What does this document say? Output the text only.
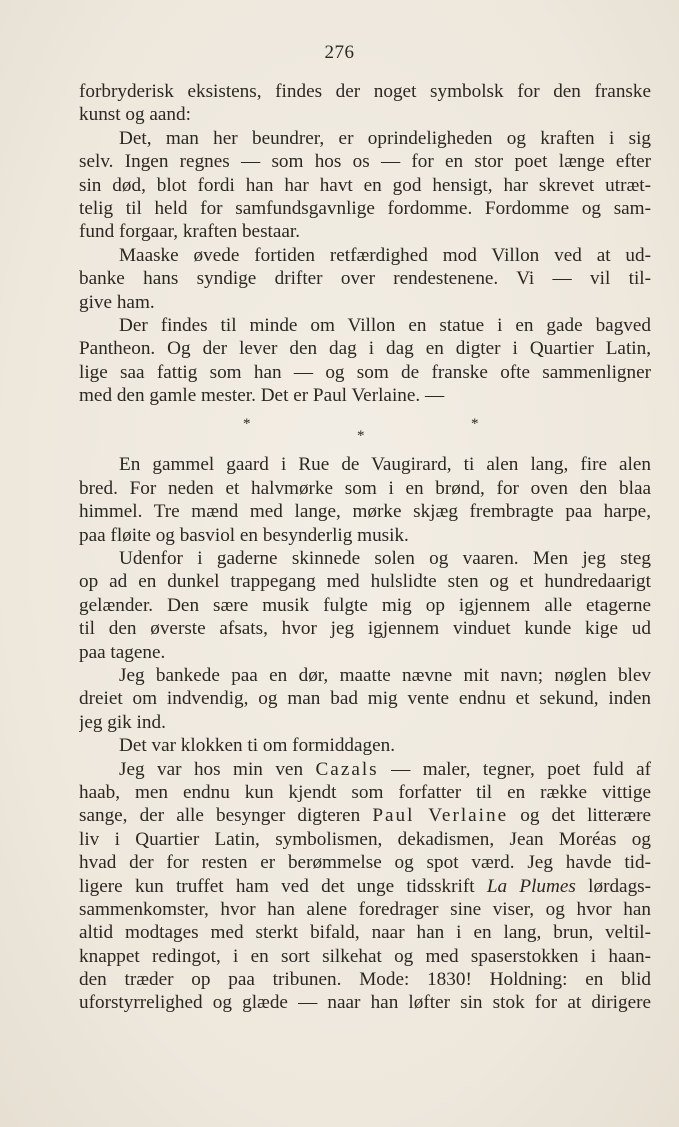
276
forbryderisk eksistens, findes der noget symbolsk for den franske
kunst og aand:
Det, man her beundrer, er oprindeligheden og kraften i sig
selv. Ingen regnes — som hos os — for en stor poet længe efter
sin død, blot fordi han har havt en god hensigt, har skrevet utræt-
telig til held for samfundsgavnlige fordomme. Fordomme og sam-
fund forgaar, kraften bestaar.
Maaske øvede fortiden retfærdighed mod Villon ved at ud-
banke hans syndige drifter over rendestenene. Vi — vil til-
give ham.
Der findes til minde om Villon en statue i en gade bagved
Pantheon. Og der lever den dag i dag en digter i Quartier Latin,
lige saa fattig som han — og som de franske ofte sammenligner
med den gamle mester. Det er Paul Verlaine. —
*	*
*
En gammel gaard i Rue de Vaugirard, ti alen lang, fire alen
bred. For neden et halvmørke som i en brønd, for oven den blaa
himmel. Tre mænd med lange, mørke skjæg frembragte paa harpe,
paa fløite og basviol en besynderlig musik.
Udenfor i gaderne skinnede solen og vaaren. Men jeg steg
op ad en dunkel trappegang med hulslidte sten og et hundredaarigt
gelænder. Den sære musik fulgte mig op igjennem alle etagerne
til den øverste afsats, hvor jeg igjennem vinduet kunde kige ud
paa tagene.
Jeg bankede paa en dør, maatte nævne mit navn; nøglen blev
dreiet om indvendig, og man bad mig vente endnu et sekund, inden
jeg gik ind.
Det var klokken ti om formiddagen.
Jeg var hos min ven Cazals — maler, tegner, poet fuld af
haab, men endnu kun kjendt som forfatter til en række vittige
sange, der alle besynger digteren Paul Verlaine og det litterære
liv i Quartier Latin, symbolismen, dekadismen, Jean Moréas og
hvad der for resten er berømmelse og spot værd. Jeg havde tid-
ligere kun truffet ham ved det unge tidsskrift La Plumes lørdags-
sammenkomster, hvor han alene foredrager sine viser, og hvor han
altid modtages med sterkt bifald, naar han i en lang, brun, veltil-
knappet redingot, i en sort silkehat og med spaserstokken i haan-
den træder op paa tribunen. Mode: 1830! Holdning: en blid
uforstyrrelighed og glæde — naar han løfter sin stok for at dirigere
